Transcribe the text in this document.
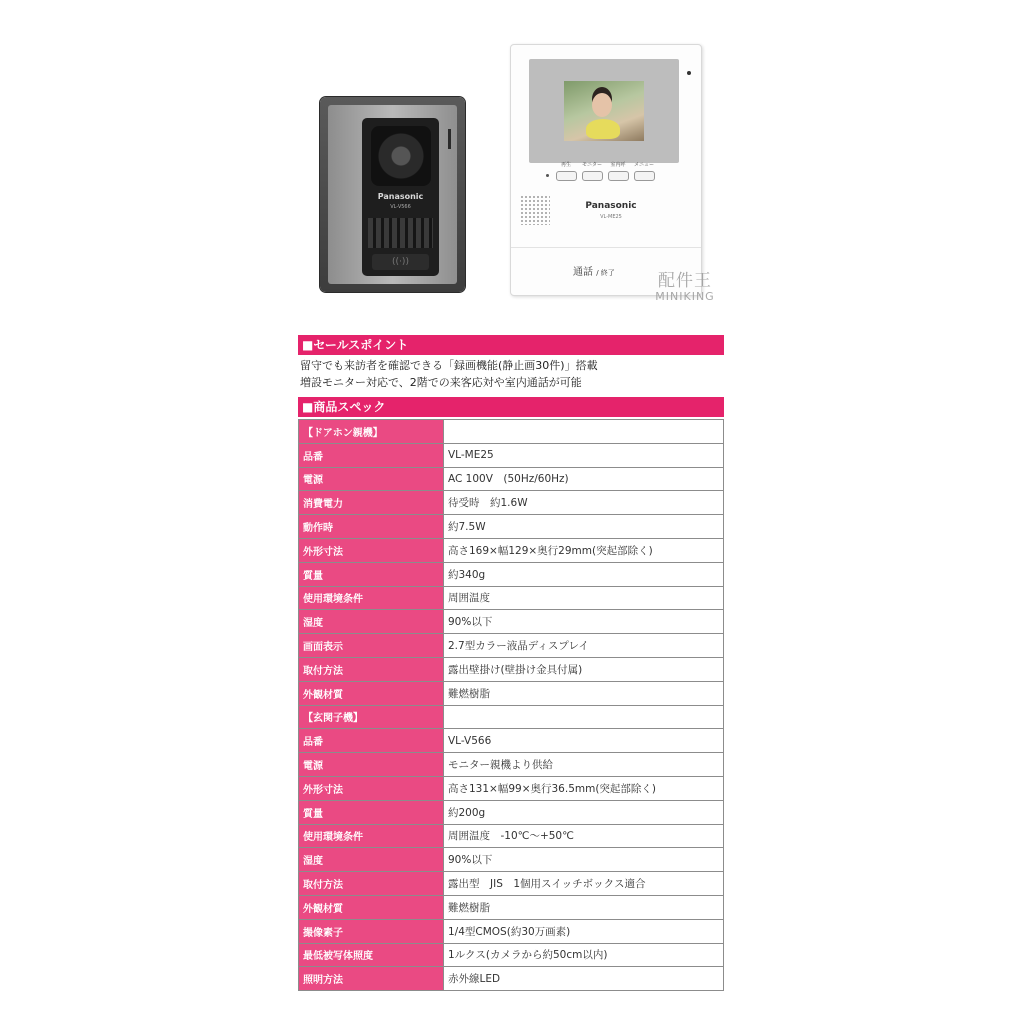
Panasonic
VL-V566
((·))
再生	モニター	室内呼	メニュー
Panasonic
VL-ME25
通話 / 終了	配件王
MINIKING
■セールスポイント
留守でも来訪者を確認できる「録画機能(静止画30件)」搭載
増設モニター対応で、2階での来客応対や室内通話が可能
■商品スペック
【ドアホン親機】	
品番	VL-ME25
電源	AC 100V　(50Hz/60Hz)
消費電力	待受時　約1.6W
動作時	約7.5W
外形寸法	高さ169×幅129×奥行29mm(突起部除く)
質量	約340g
使用環境条件	周囲温度
湿度	90%以下
画面表示	2.7型カラー液晶ディスプレイ
取付方法	露出壁掛け(壁掛け金具付属)
外観材質	難燃樹脂
【玄関子機】	
品番	VL-V566
電源	モニター親機より供給
外形寸法	高さ131×幅99×奥行36.5mm(突起部除く)
質量	約200g
使用環境条件	周囲温度　-10℃～+50℃
湿度	90%以下
取付方法	露出型　JIS　1個用スイッチボックス適合
外観材質	難燃樹脂
撮像素子	1/4型CMOS(約30万画素)
最低被写体照度	1ルクス(カメラから約50cm以内)
照明方法	赤外線LED
